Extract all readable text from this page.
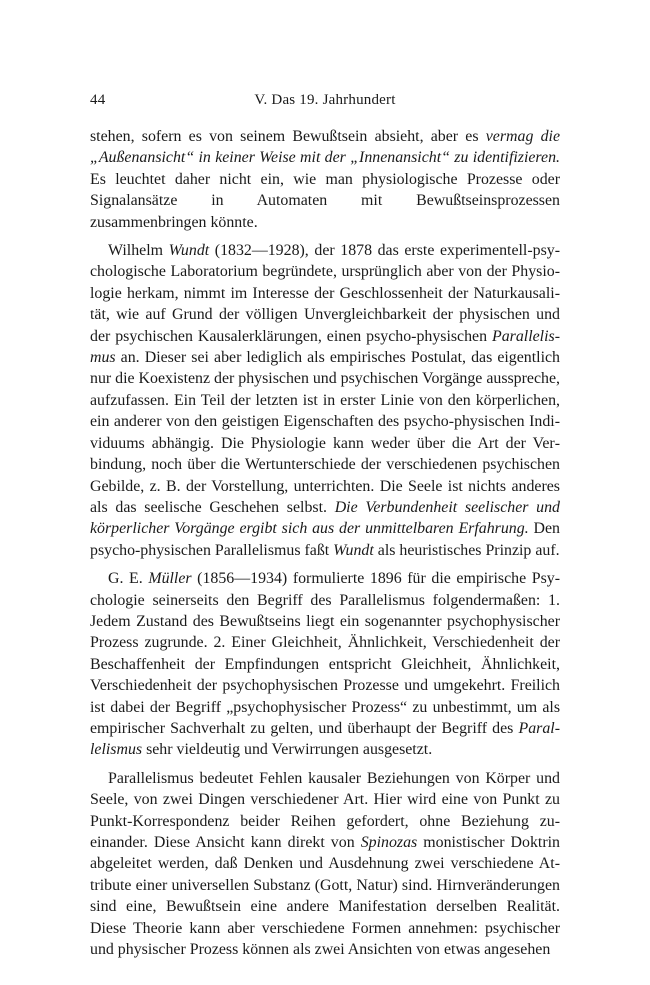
44	V. Das 19. Jahrhundert

stehen, sofern es von seinem Bewußtsein absieht, aber es vermag die „Außenansicht“ in keiner Weise mit der „Innenansicht“ zu identifizieren. Es leuchtet daher nicht ein, wie man physiologische Prozesse oder Signalansätze in Automaten mit Bewußtseinsprozessen zusammenbringen könnte.

Wilhelm Wundt (1832—1928), der 1878 das erste experimentell-psychologische Laboratorium begründete, ursprünglich aber von der Physiologie herkam, nimmt im Interesse der Geschlossenheit der Naturkausalität, wie auf Grund der völligen Unvergleichbarkeit der physischen und der psychischen Kausalerklärungen, einen psycho-physischen Parallelismus an. Dieser sei aber lediglich als empirisches Postulat, das eigentlich nur die Koexistenz der physischen und psychischen Vorgänge ausspreche, aufzufassen. Ein Teil der letzten ist in erster Linie von den körperlichen, ein anderer von den geistigen Eigenschaften des psycho-physischen Individuums abhängig. Die Physiologie kann weder über die Art der Verbindung, noch über die Wertunterschiede der verschiedenen psychischen Gebilde, z. B. der Vorstellung, unterrichten. Die Seele ist nichts anderes als das seelische Geschehen selbst. Die Verbundenheit seelischer und körperlicher Vorgänge ergibt sich aus der unmittelbaren Erfahrung. Den psycho-physischen Parallelismus faßt Wundt als heuristisches Prinzip auf.

G. E. Müller (1856—1934) formulierte 1896 für die empirische Psychologie seinerseits den Begriff des Parallelismus folgendermaßen: 1. Jedem Zustand des Bewußtseins liegt ein sogenannter psychophysischer Prozess zugrunde. 2. Einer Gleichheit, Ähnlichkeit, Verschiedenheit der Beschaffenheit der Empfindungen entspricht Gleichheit, Ähnlichkeit, Verschiedenheit der psychophysischen Prozesse und umgekehrt. Freilich ist dabei der Begriff „psychophysischer Prozess“ zu unbestimmt, um als empirischer Sachverhalt zu gelten, und überhaupt der Begriff des Parallelismus sehr vieldeutig und Verwirrungen ausgesetzt.

Parallelismus bedeutet Fehlen kausaler Beziehungen von Körper und Seele, von zwei Dingen verschiedener Art. Hier wird eine von Punkt zu Punkt-Korrespondenz beider Reihen gefordert, ohne Beziehung zueinander. Diese Ansicht kann direkt von Spinozas monistischer Doktrin abgeleitet werden, daß Denken und Ausdehnung zwei verschiedene Attribute einer universellen Substanz (Gott, Natur) sind. Hirnveränderungen sind eine, Bewußtsein eine andere Manifestation derselben Realität. Diese Theorie kann aber verschiedene Formen annehmen: psychischer und physischer Prozess können als zwei Ansichten von etwas angesehen
